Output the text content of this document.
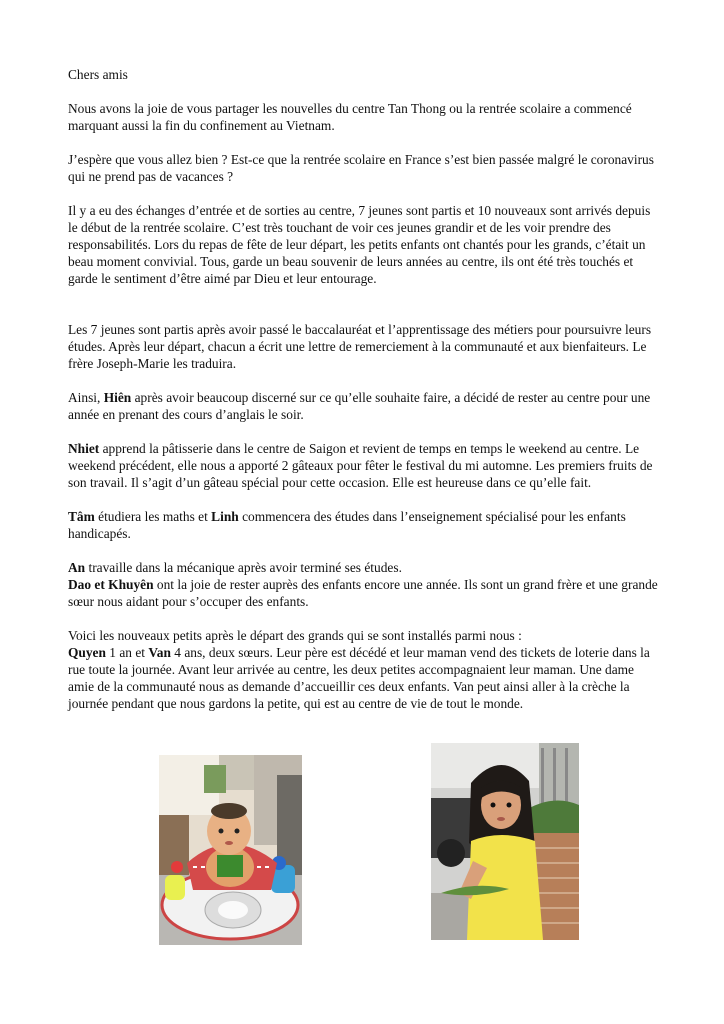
Chers amis

Nous avons la joie de vous partager les nouvelles du centre Tan Thong ou la rentrée scolaire a commencé marquant aussi la fin du confinement au Vietnam.

J’espère que vous allez bien ? Est-ce que la rentrée scolaire en France s’est bien passée malgré le coronavirus qui ne prend pas de vacances ?

Il y a eu des échanges d’entrée et de sorties au centre, 7 jeunes sont partis et 10 nouveaux sont arrivés depuis le début de la rentrée scolaire. C’est très touchant de voir ces jeunes grandir et de les voir prendre des responsabilités. Lors du repas de fête de leur départ, les petits enfants ont chantés pour les grands, c’était un beau moment convivial. Tous, garde un beau souvenir de leurs années au centre, ils ont été très touchés et garde le sentiment d’être aimé par Dieu et leur entourage.

Les 7 jeunes sont partis après avoir passé le baccalauréat et l’apprentissage des métiers pour poursuivre leurs études. Après leur départ, chacun a écrit une lettre de remerciement à la communauté et aux bienfaiteurs. Le frère Joseph-Marie les traduira.

Ainsi, Hiên après avoir beaucoup discerné sur ce qu’elle souhaite faire, a décidé de rester au centre pour une année en prenant des cours d’anglais le soir.

Nhiet apprend la pâtisserie dans le centre de Saigon et revient de temps en temps le weekend au centre. Le weekend précédent, elle nous a apporté 2 gâteaux pour fêter le festival du mi automne. Les premiers fruits de son travail. Il s’agit d’un gâteau spécial pour cette occasion. Elle est heureuse dans ce qu’elle fait.

Tâm étudiera les maths et Linh commencera des études dans l’enseignement spécialisé pour les enfants handicapés.

An travaille dans la mécanique après avoir terminé ses études.

Dao et Khuyên ont la joie de rester auprès des enfants encore une année. Ils sont un grand frère et une grande sœur nous aidant pour s’occuper des enfants.

Voici les nouveaux petits après le départ des grands qui se sont installés parmi nous :

Quyen 1 an et Van 4 ans, deux sœurs. Leur père est décédé et leur maman vend des tickets de loterie dans la rue toute la journée. Avant leur arrivée au centre, les deux petites accompagnaient leur maman. Une dame amie de la communauté nous as demande d’accueillir ces deux enfants. Van peut ainsi aller à la crèche la journée pendant que nous gardons la petite, qui est au centre de vie de tout le monde.
